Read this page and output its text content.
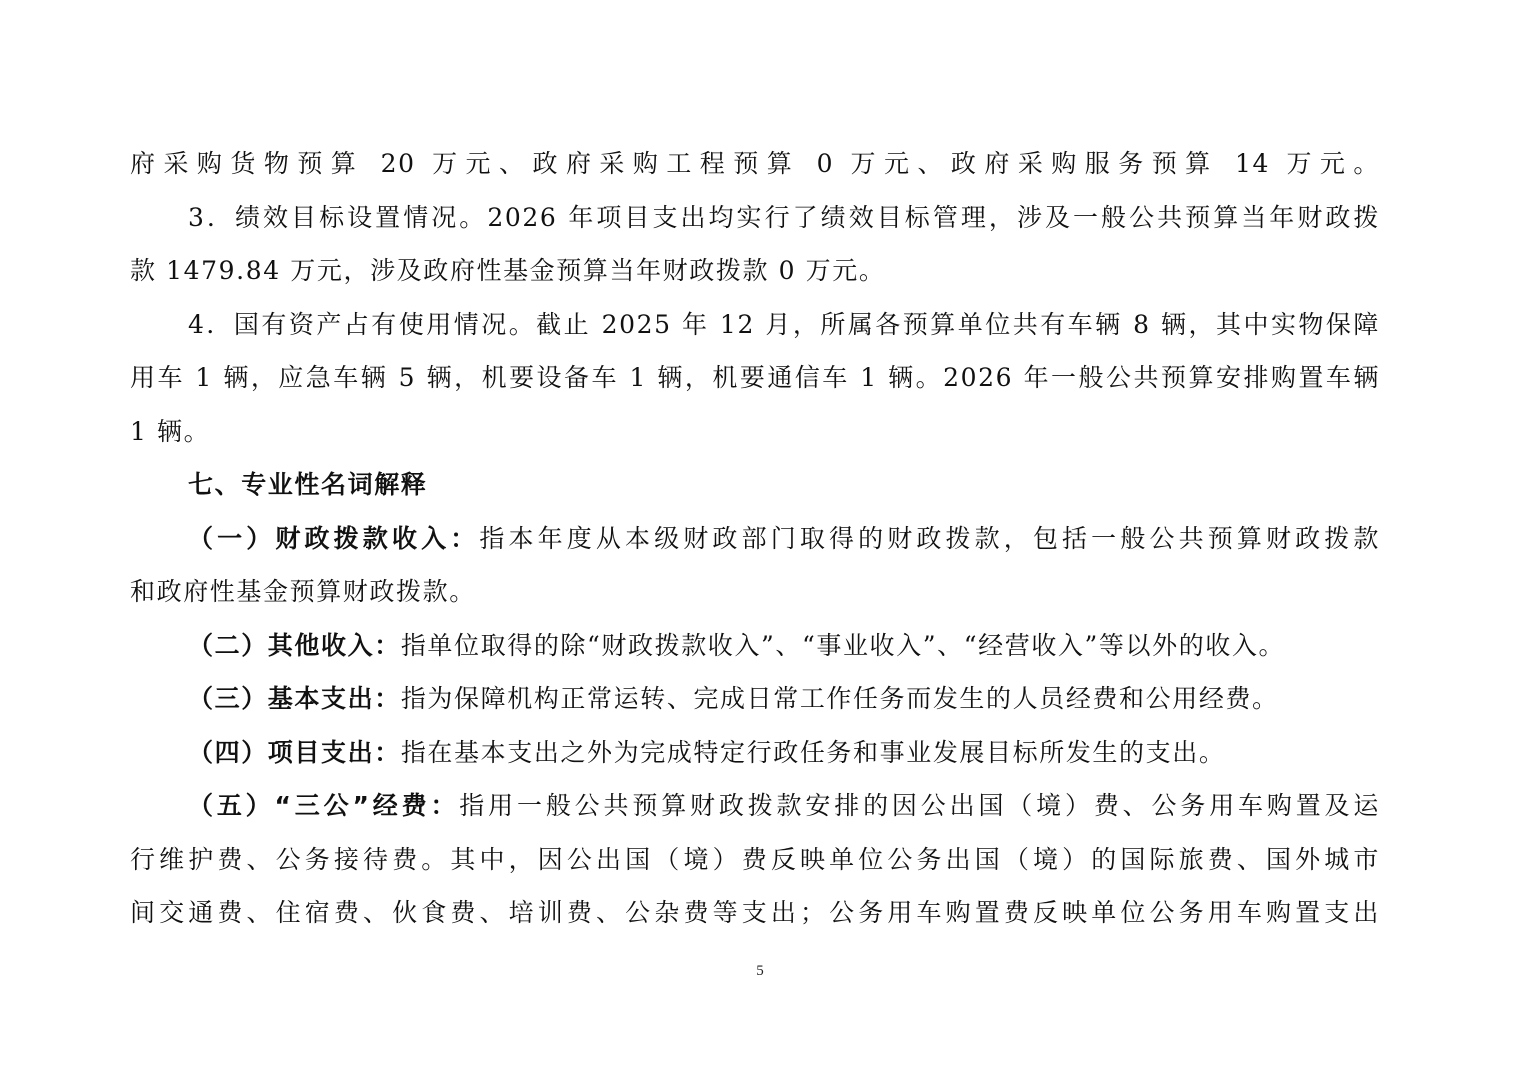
府采购货物预算 20 万元、政府采购工程预算 0 万元、政府采购服务预算 14 万元。
3．绩效目标设置情况。2026 年项目支出均实行了绩效目标管理，涉及一般公共预算当年财政拨
款 1479.84 万元，涉及政府性基金预算当年财政拨款 0 万元。
4．国有资产占有使用情况。截止 2025 年 12 月，所属各预算单位共有车辆 8 辆，其中实物保障
用车 1 辆，应急车辆 5 辆，机要设备车 1 辆，机要通信车 1 辆。2026 年一般公共预算安排购置车辆
1 辆。
七、专业性名词解释
（一）财政拨款收入：指本年度从本级财政部门取得的财政拨款，包括一般公共预算财政拨款
和政府性基金预算财政拨款。
（二）其他收入：指单位取得的除“财政拨款收入”、“事业收入”、“经营收入”等以外的收入。
（三）基本支出：指为保障机构正常运转、完成日常工作任务而发生的人员经费和公用经费。
（四）项目支出：指在基本支出之外为完成特定行政任务和事业发展目标所发生的支出。
（五）“三公”经费：指用一般公共预算财政拨款安排的因公出国（境）费、公务用车购置及运
行维护费、公务接待费。其中，因公出国（境）费反映单位公务出国（境）的国际旅费、国外城市
间交通费、住宿费、伙食费、培训费、公杂费等支出；公务用车购置费反映单位公务用车购置支出
5
